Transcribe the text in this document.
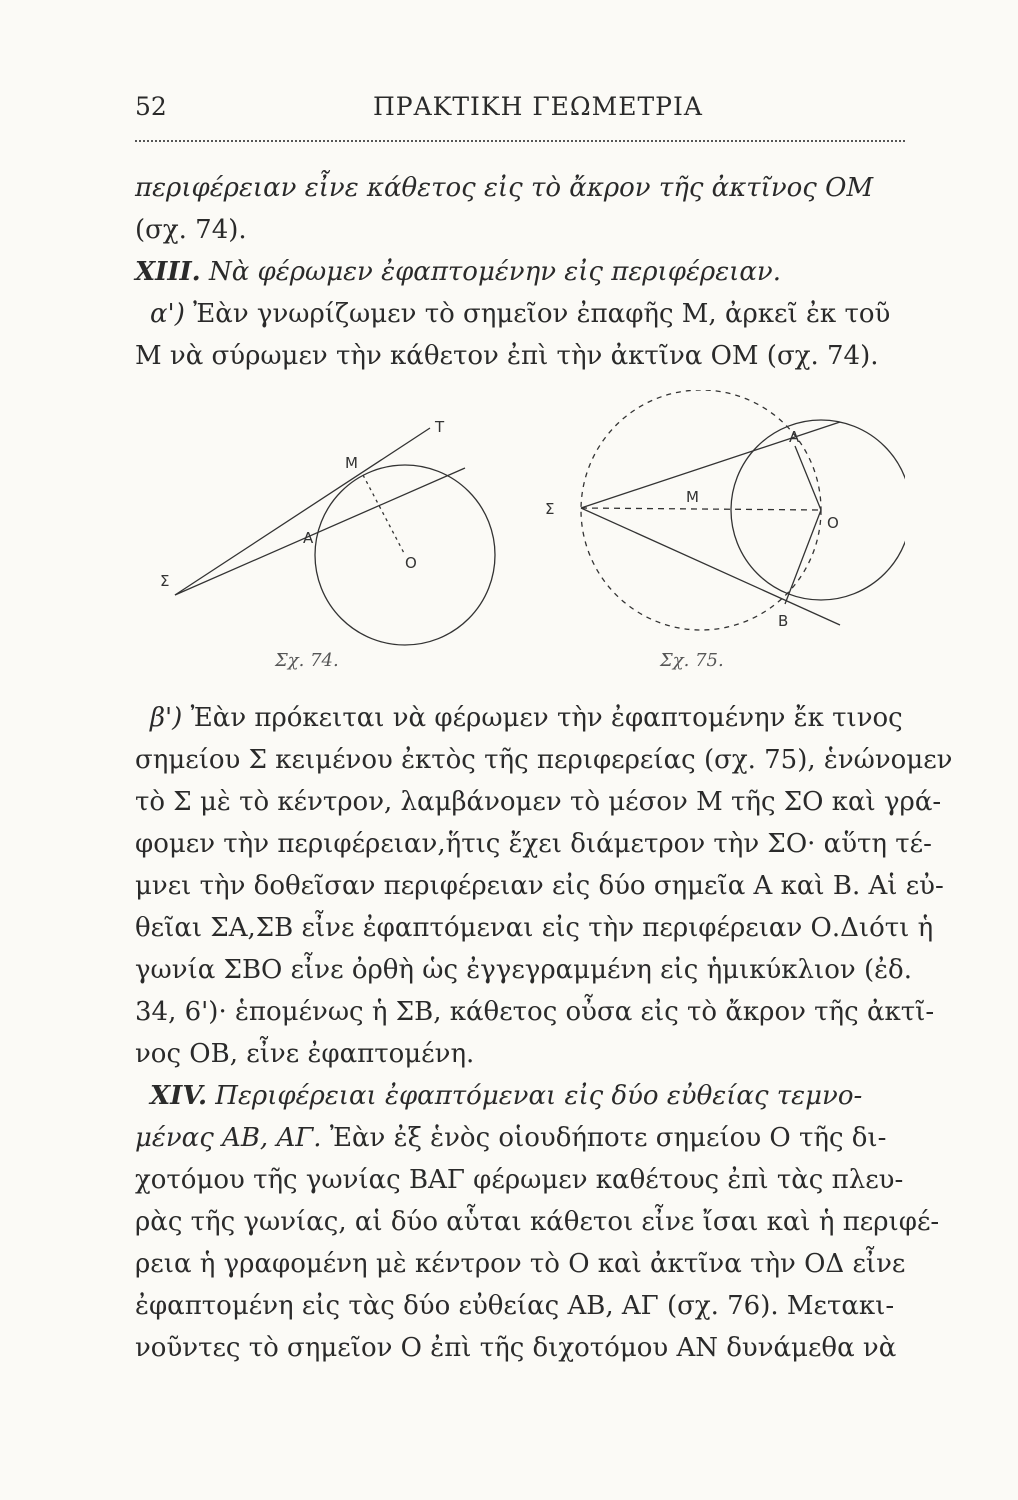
52	ΠΡΑΚΤΙΚΗ ΓΕΩΜΕΤΡΙΑ
περιφέρειαν εἶνε κάθετος εἰς τὸ ἄκρον τῆς ἀκτῖνος ΟΜ
(σχ. 74).
XIII. Νὰ φέρωμεν ἐφαπτομένην εἰς περιφέρειαν.
α') Ἐὰν γνωρίζωμεν τὸ σημεῖον ἐπαφῆς Μ, ἀρκεῖ ἐκ τοῦ
Μ νὰ σύρωμεν τὴν κάθετον ἐπὶ τὴν ἀκτῖνα ΟΜ (σχ. 74).
T
M
A
O
Σ
A
M
O
Σ
B
Σχ. 74.	Σχ. 75.
β') Ἐὰν πρόκειται νὰ φέρωμεν τὴν ἐφαπτομένην ἔκ τινος
σημείου Σ κειμένου ἐκτὸς τῆς περιφερείας (σχ. 75), ἑνώνομεν
τὸ Σ μὲ τὸ κέντρον, λαμβάνομεν τὸ μέσον Μ τῆς ΣΟ καὶ γρά-
φομεν τὴν περιφέρειαν,ἥτις ἔχει διάμετρον τὴν ΣΟ· αὕτη τέ-
μνει τὴν δοθεῖσαν περιφέρειαν εἰς δύο σημεῖα Α καὶ Β. Αἱ εὐ-
θεῖαι ΣΑ,ΣΒ εἶνε ἐφαπτόμεναι εἰς τὴν περιφέρειαν Ο.Διότι ἡ
γωνία ΣΒΟ εἶνε ὀρθὴ ὡς ἐγγεγραμμένη εἰς ἡμικύκλιον (ἐδ.
34, 6')· ἑπομένως ἡ ΣΒ, κάθετος οὖσα εἰς τὸ ἄκρον τῆς ἀκτῖ-
νος ΟΒ, εἶνε ἐφαπτομένη.
XIV. Περιφέρειαι ἐφαπτόμεναι εἰς δύο εὐθείας τεμνο-
μένας ΑΒ, ΑΓ. Ἐὰν ἐξ ἑνὸς οἱουδήποτε σημείου Ο τῆς δι-
χοτόμου τῆς γωνίας ΒΑΓ φέρωμεν καθέτους ἐπὶ τὰς πλευ-
ρὰς τῆς γωνίας, αἱ δύο αὗται κάθετοι εἶνε ἴσαι καὶ ἡ περιφέ-
ρεια ἡ γραφομένη μὲ κέντρον τὸ Ο καὶ ἀκτῖνα τὴν ΟΔ εἶνε
ἐφαπτομένη εἰς τὰς δύο εὐθείας ΑΒ, ΑΓ (σχ. 76). Μετακι-
νοῦντες τὸ σημεῖον Ο ἐπὶ τῆς διχοτόμου ΑΝ δυνάμεθα νὰ
